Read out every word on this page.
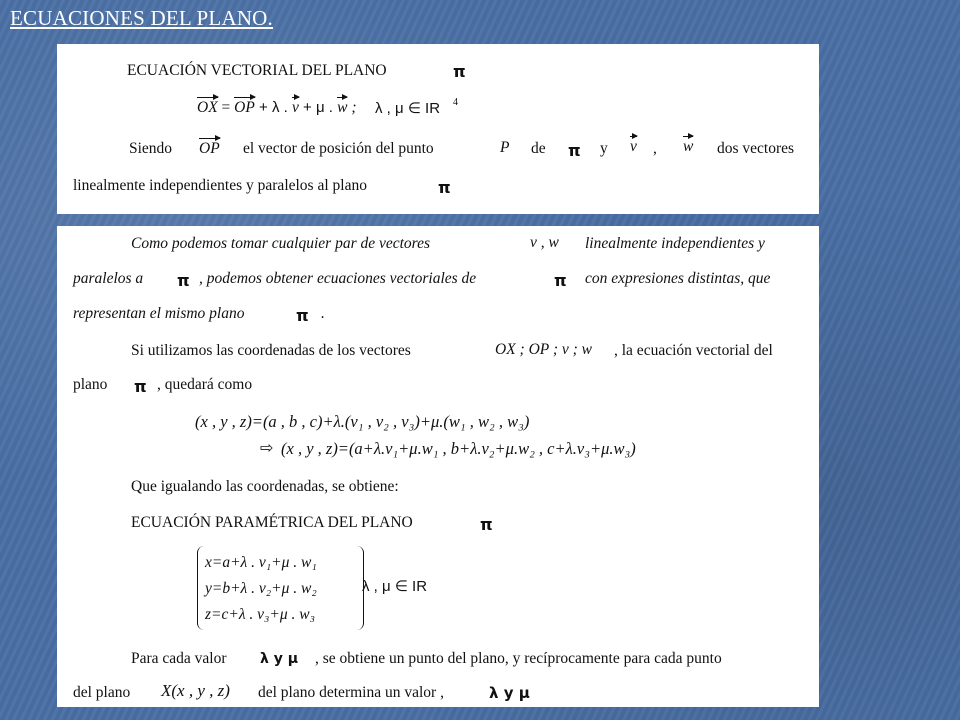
ECUACIONES DEL PLANO.
ECUACIÓN VECTORIAL DEL PLANO	π
OX = OP + λ . v + μ . w ; λ , μ ∈ IR 4
Siendo OP el vector de posición del punto	P de π y v , w dos vectores
linealmente independientes y paralelos al plano	π
Como podemos tomar cualquier par de vectores	v , w linealmente independientes y
paralelos a π , podemos obtener ecuaciones vectoriales de	π con expresiones distintas, que
representan el mismo plano	π .
Si utilizamos las coordenadas de los vectores	OX ; OP ; v ; w , la ecuación vectorial del
plano π , quedará como
(x , y , z)=(a , b , c)+λ.(v₁ , v₂ , v₃)+μ.(w₁ , w₂ , w₃)
⇨ (x , y , z)=(a+λ.v₁+μ.w₁ , b+λ.v₂+μ.w₂ , c+λ.v₃+μ.w₃)
Que igualando las coordenadas, se obtiene:
ECUACIÓN PARAMÉTRICA DEL PLANO	π
x=a+λ . v₁+μ . w₁
y=b+λ . v₂+μ . w₂
z=c+λ . v₃+μ . w₃
λ , μ ∈ IR
Para cada valor λ y μ , se obtiene un punto del plano, y recíprocamente para cada punto
del plano X(x , y , z) del plano determina un valor ,	λ y μ
